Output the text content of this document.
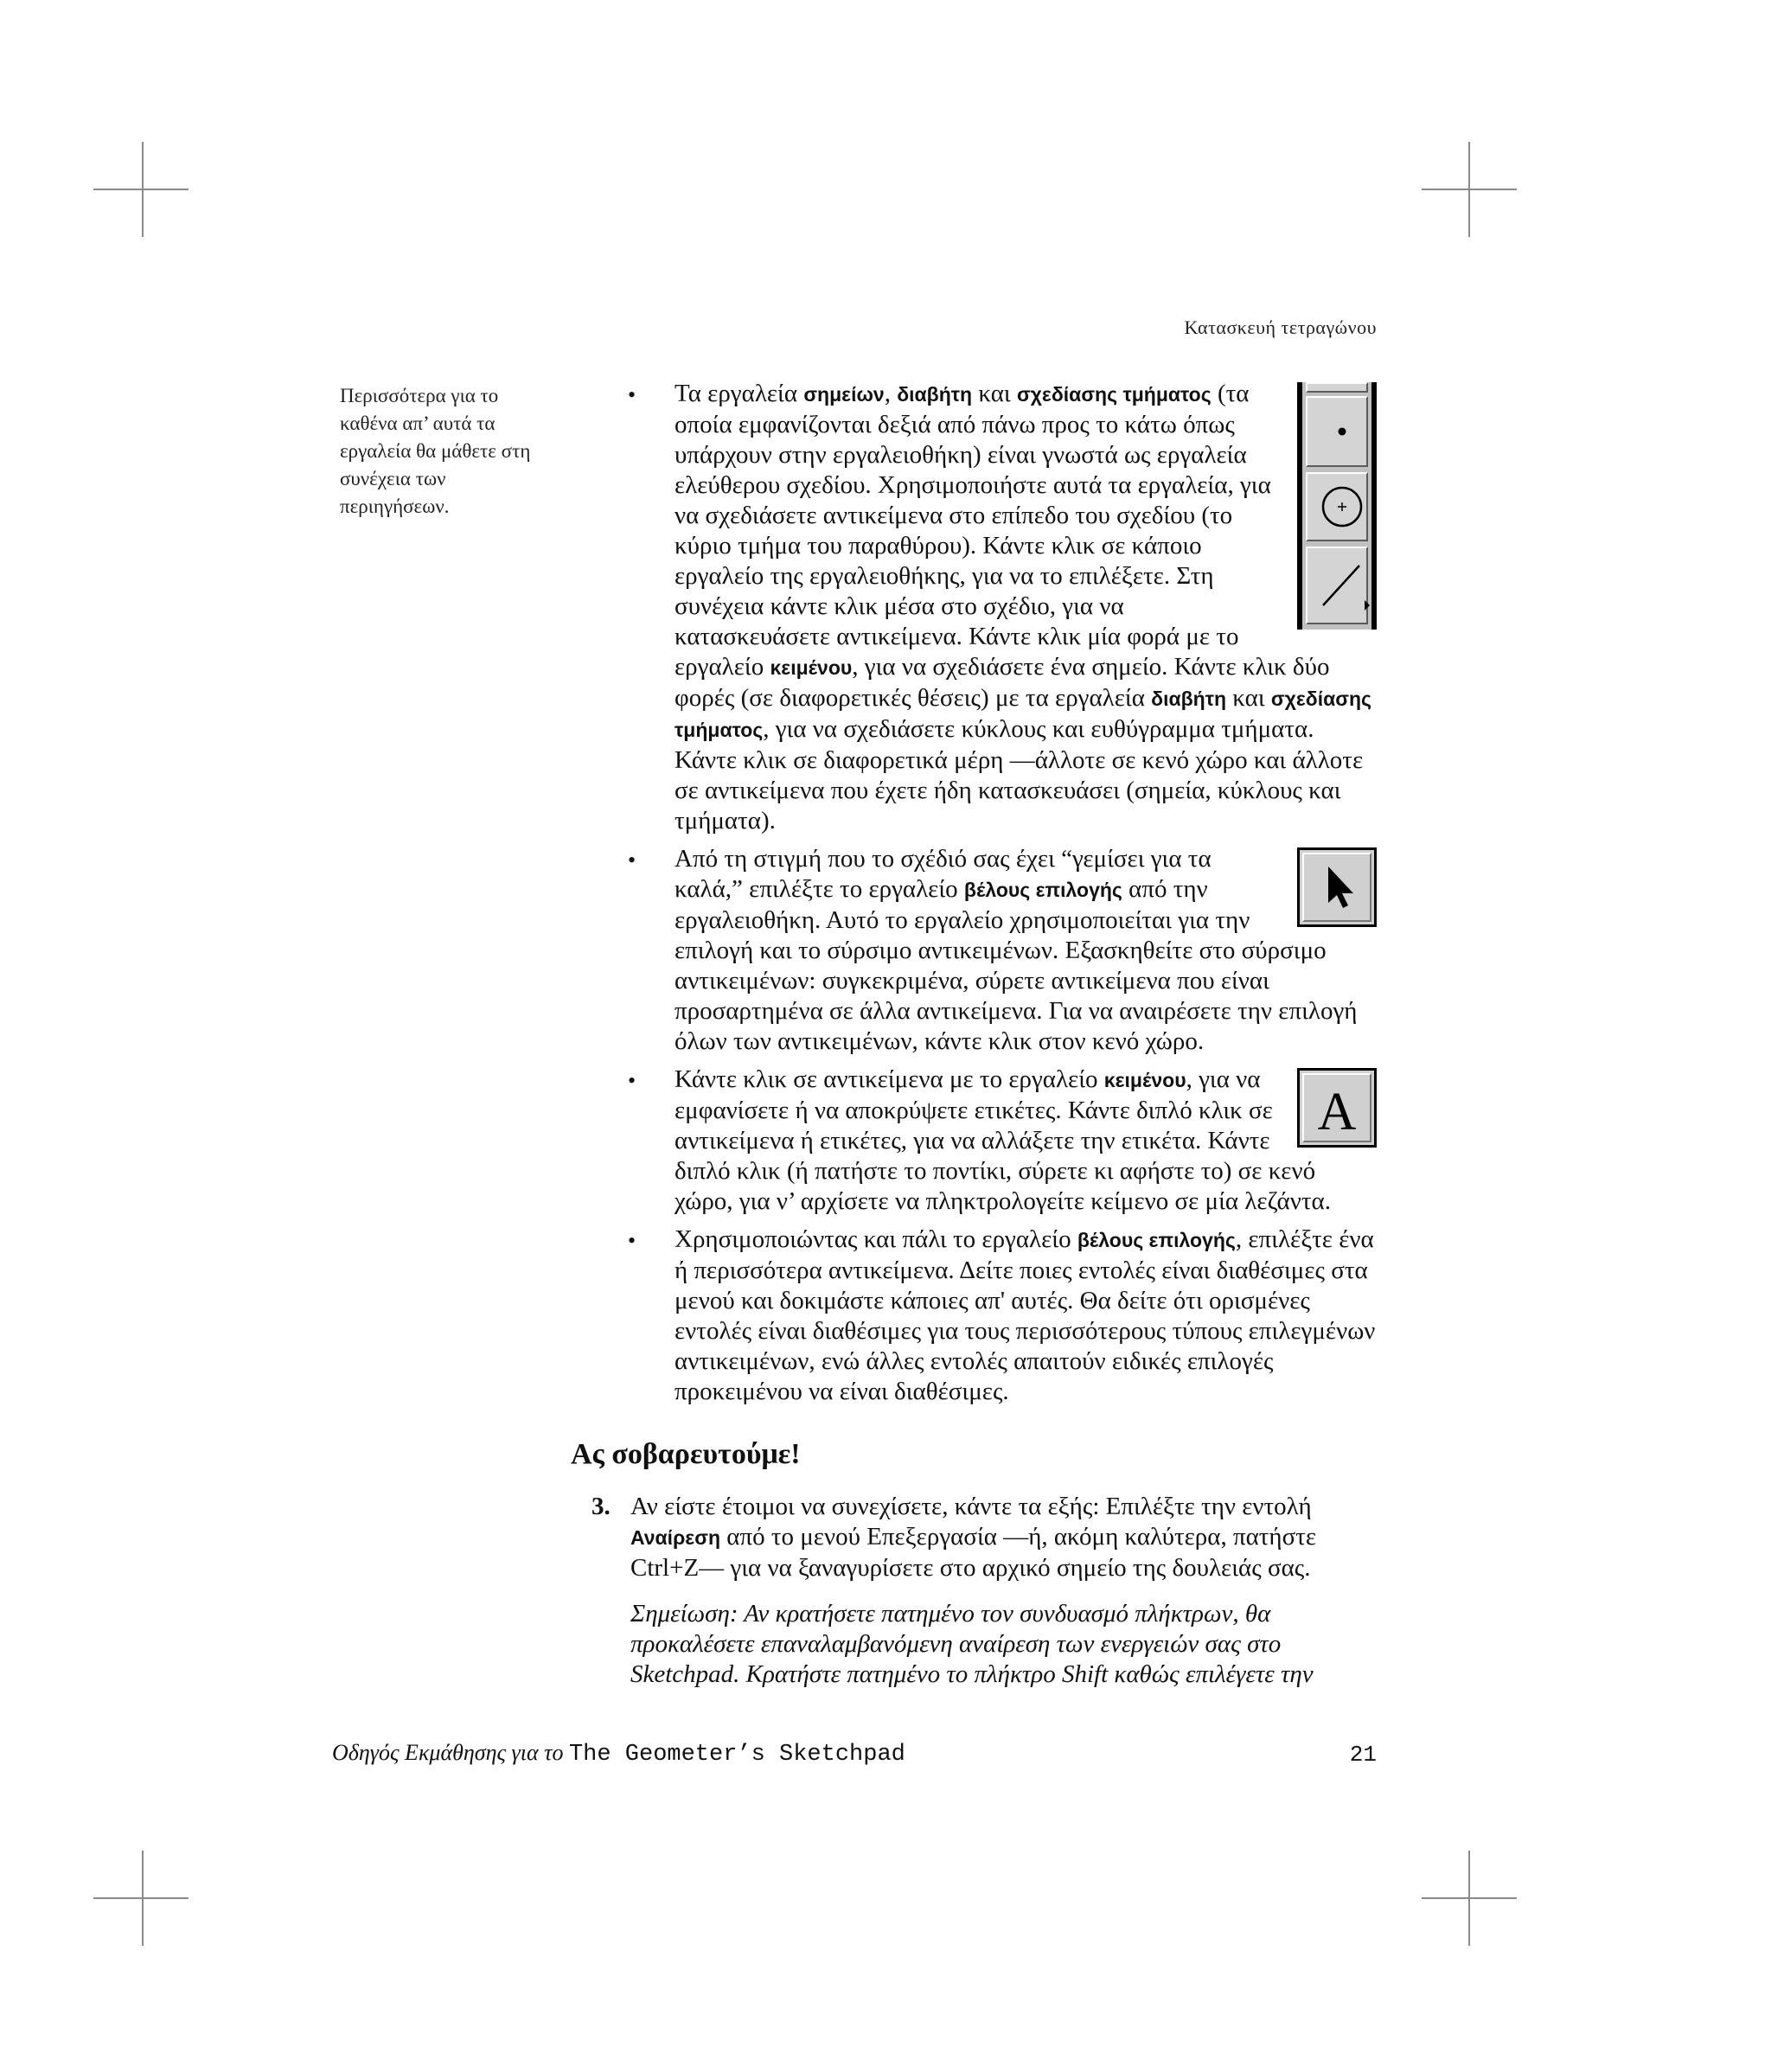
Κατασκευή τετραγώνου
Περισσότερα για το καθένα απ’ αυτά τα εργαλεία θα μάθετε στη συνέχεια των περιηγήσεων.
• Τα εργαλεία σημείων, διαβήτη και σχεδίασης τμήματος (τα οποία εμφανίζονται δεξιά από πάνω προς το κάτω όπως υπάρχουν στην εργαλειοθήκη) είναι γνωστά ως εργαλεία ελεύθερου σχεδίου. Χρησιμοποιήστε αυτά τα εργαλεία, για να σχεδιάσετε αντικείμενα στο επίπεδο του σχεδίου (το κύριο τμήμα του παραθύρου). Κάντε κλικ σε κάποιο εργαλείο της εργαλειοθήκης, για να το επιλέξετε. Στη συνέχεια κάντε κλικ μέσα στο σχέδιο, για να κατασκευάσετε αντικείμενα. Κάντε κλικ μία φορά με το εργαλείο κειμένου, για να σχεδιάσετε ένα σημείο. Κάντε κλικ δύο φορές (σε διαφορετικές θέσεις) με τα εργαλεία διαβήτη και σχεδίασης τμήματος, για να σχεδιάσετε κύκλους και ευθύγραμμα τμήματα. Κάντε κλικ σε διαφορετικά μέρη —άλλοτε σε κενό χώρο και άλλοτε σε αντικείμενα που έχετε ήδη κατασκευάσει (σημεία, κύκλους και τμήματα).
• Από τη στιγμή που το σχέδιό σας έχει “γεμίσει για τα καλά,” επιλέξτε το εργαλείο βέλους επιλογής από την εργαλειοθήκη. Αυτό το εργαλείο χρησιμοποιείται για την επιλογή και το σύρσιμο αντικειμένων. Εξασκηθείτε στο σύρσιμο αντικειμένων: συγκεκριμένα, σύρετε αντικείμενα που είναι προσαρτημένα σε άλλα αντικείμενα. Για να αναιρέσετε την επιλογή όλων των αντικειμένων, κάντε κλικ στον κενό χώρο.
•
A
Κάντε κλικ σε αντικείμενα με το εργαλείο κειμένου, για να εμφανίσετε ή να αποκρύψετε ετικέτες. Κάντε διπλό κλικ σε αντικείμενα ή ετικέτες, για να αλλάξετε την ετικέτα. Κάντε διπλό κλικ (ή πατήστε το ποντίκι, σύρετε κι αφήστε το) σε κενό χώρο, για ν’ αρχίσετε να πληκτρολογείτε κείμενο σε μία λεζάντα.
• Χρησιμοποιώντας και πάλι το εργαλείο βέλους επιλογής, επιλέξτε ένα ή περισσότερα αντικείμενα. Δείτε ποιες εντολές είναι διαθέσιμες στα μενού και δοκιμάστε κάποιες απ' αυτές. Θα δείτε ότι ορισμένες εντολές είναι διαθέσιμες για τους περισσότερους τύπους επιλεγμένων αντικειμένων, ενώ άλλες εντολές απαιτούν ειδικές επιλογές προκειμένου να είναι διαθέσιμες.
Ας σοβαρευτούμε!
3. Αν είστε έτοιμοι να συνεχίσετε, κάντε τα εξής: Επιλέξτε την εντολή Αναίρεση από το μενού Επεξεργασία —ή, ακόμη καλύτερα, πατήστε Ctrl+Z— για να ξαναγυρίσετε στο αρχικό σημείο της δουλειάς σας.
Σημείωση: Αν κρατήσετε πατημένο τον συνδυασμό πλήκτρων, θα προκαλέσετε επαναλαμβανόμενη αναίρεση των ενεργειών σας στο Sketchpad. Κρατήστε πατημένο το πλήκτρο Shift καθώς επιλέγετε την
Οδηγός Εκμάθησης για το The Geometer’s Sketchpad	21
